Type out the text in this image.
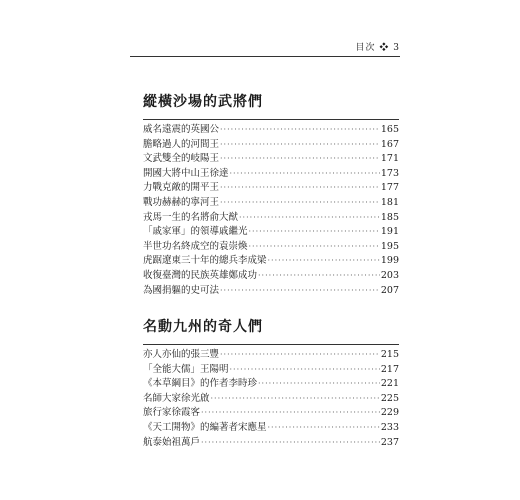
目次 ❖ 3
縱橫沙場的武將們
威名遠震的英國公 ·····	165
膽略過人的河間王 ·····	167
文武雙全的岐陽王 ·····	171
開國大將中山王徐達 ·····	173
力戰克敵的開平王 ·····	177
戰功赫赫的寧河王 ·····	181
戎馬一生的名將俞大猷 ·····	185
「戚家軍」的領導戚繼光 ·····	191
半世功名終成空的袁崇煥 ·····	195
虎踞遼東三十年的總兵李成梁 ·····	199
收復臺灣的民族英雄鄭成功 ·····	203
為國捐軀的史可法 ·····	207
名動九州的奇人們
亦人亦仙的張三豐 ·····	215
「全能大儒」王陽明 ·····	217
《本草綱目》的作者李時珍 ·····	221
名師大家徐光啟 ·····	225
旅行家徐霞客 ·····	229
《天工開物》的編著者宋應星 ·····	233
航泰始祖萬戶 ·····	237
